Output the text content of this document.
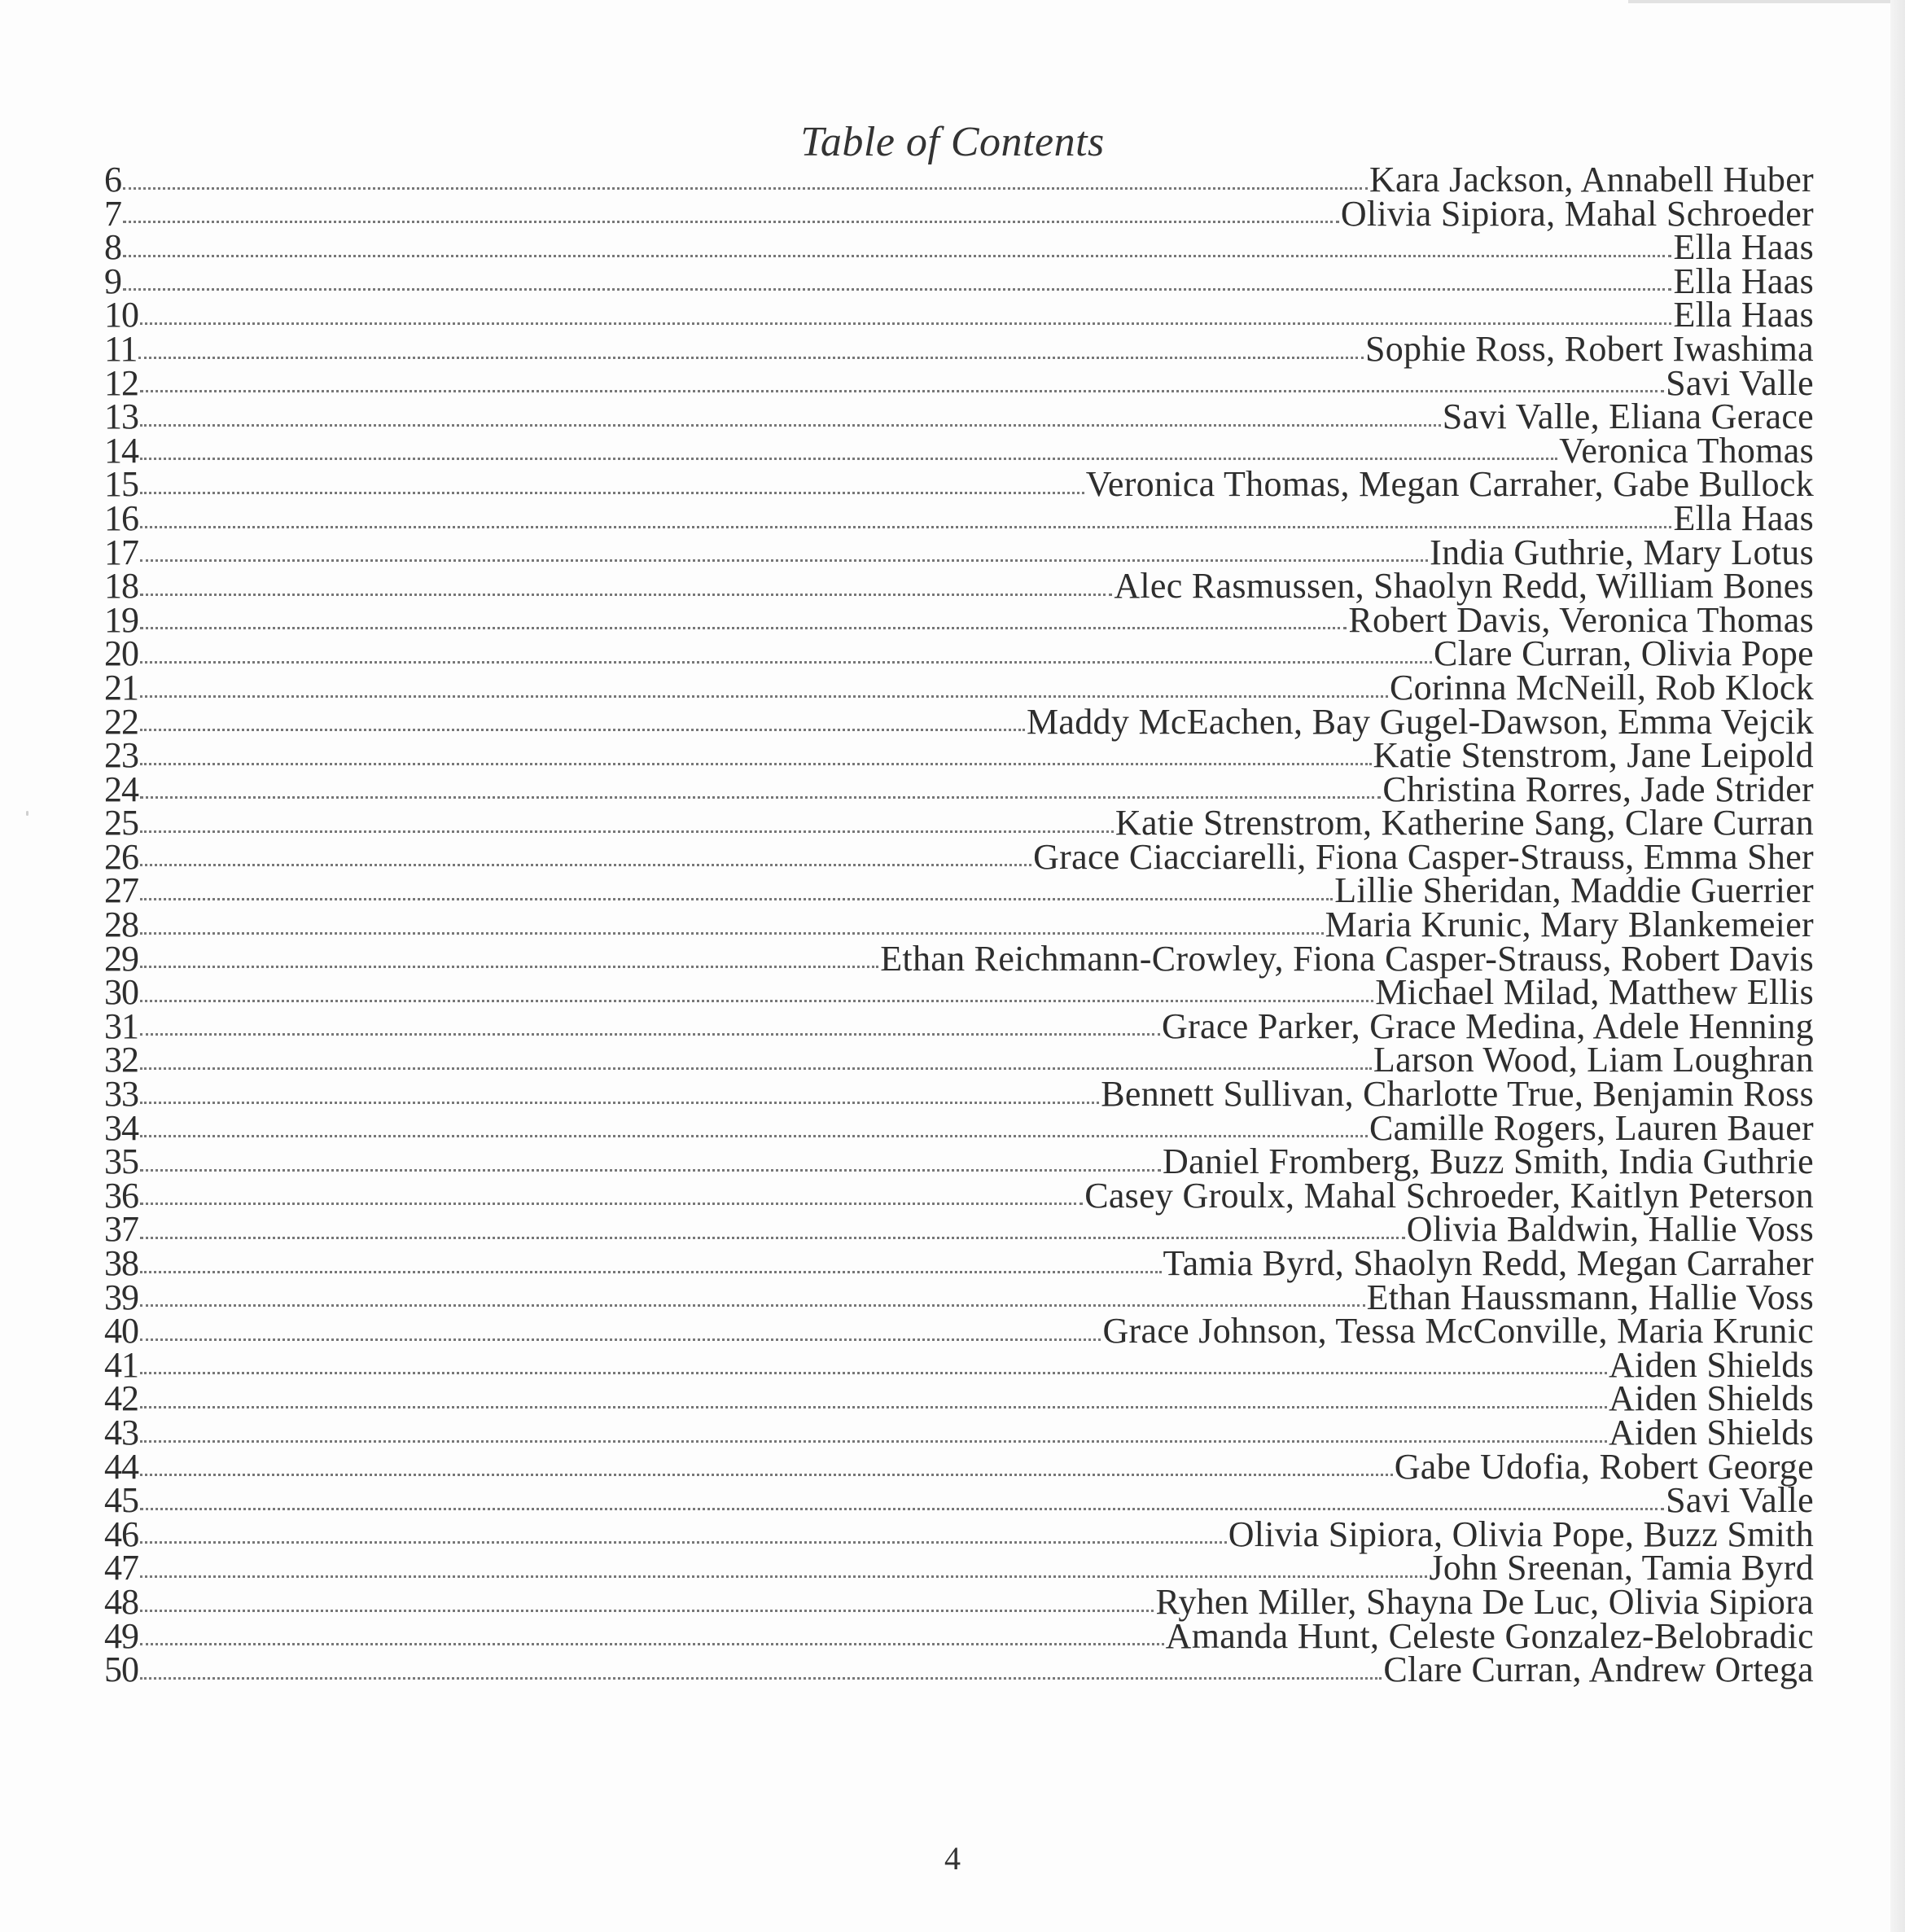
Table of Contents
6	Kara Jackson, Annabell Huber
7	Olivia Sipiora, Mahal Schroeder
8	Ella Haas
9	Ella Haas
10	Ella Haas
11	Sophie Ross, Robert Iwashima
12	Savi Valle
13	Savi Valle, Eliana Gerace
14	Veronica Thomas
15	Veronica Thomas, Megan Carraher, Gabe Bullock
16	Ella Haas
17	India Guthrie, Mary Lotus
18	Alec Rasmussen, Shaolyn Redd, William Bones
19	Robert Davis, Veronica Thomas
20	Clare Curran, Olivia Pope
21	Corinna McNeill, Rob Klock
22	Maddy McEachen, Bay Gugel-Dawson, Emma Vejcik
23	Katie Stenstrom, Jane Leipold
24	Christina Rorres, Jade Strider
25	Katie Strenstrom, Katherine Sang, Clare Curran
26	Grace Ciacciarelli, Fiona Casper-Strauss, Emma Sher
27	Lillie Sheridan, Maddie Guerrier
28	Maria Krunic, Mary Blankemeier
29	Ethan Reichmann-Crowley, Fiona Casper-Strauss, Robert Davis
30	Michael Milad, Matthew Ellis
31	Grace Parker, Grace Medina, Adele Henning
32	Larson Wood, Liam Loughran
33	Bennett Sullivan, Charlotte True, Benjamin Ross
34	Camille Rogers, Lauren Bauer
35	Daniel Fromberg, Buzz Smith, India Guthrie
36	Casey Groulx, Mahal Schroeder, Kaitlyn Peterson
37	Olivia Baldwin, Hallie Voss
38	Tamia Byrd, Shaolyn Redd, Megan Carraher
39	Ethan Haussmann, Hallie Voss
40	Grace Johnson, Tessa McConville, Maria Krunic
41	Aiden Shields
42	Aiden Shields
43	Aiden Shields
44	Gabe Udofia, Robert George
45	Savi Valle
46	Olivia Sipiora, Olivia Pope, Buzz Smith
47	John Sreenan, Tamia Byrd
48	Ryhen Miller, Shayna De Luc, Olivia Sipiora
49	Amanda Hunt, Celeste Gonzalez-Belobradic
50	Clare Curran, Andrew Ortega
4
